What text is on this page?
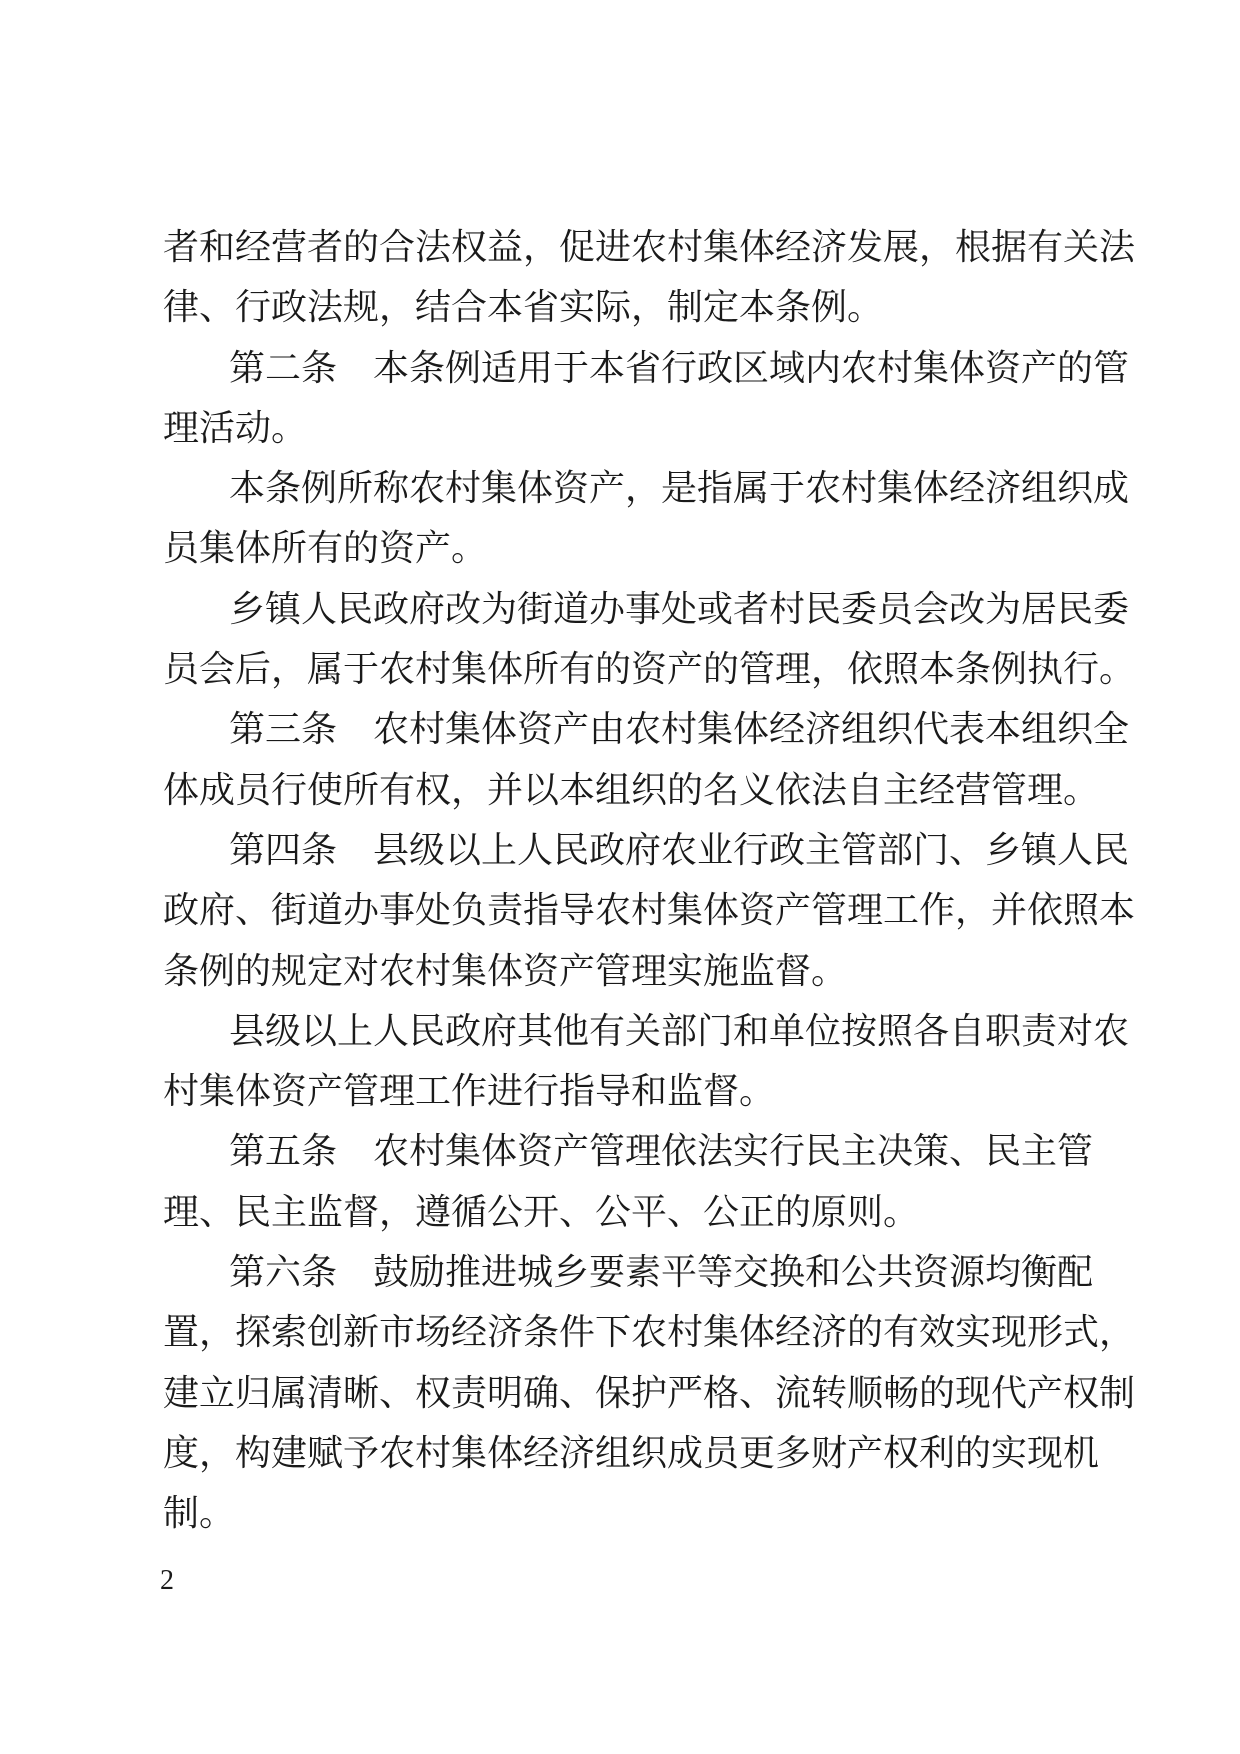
者和经营者的合法权益，促进农村集体经济发展，根据有关法
律、行政法规，结合本省实际，制定本条例。
第二条　本条例适用于本省行政区域内农村集体资产的管
理活动。
本条例所称农村集体资产，是指属于农村集体经济组织成
员集体所有的资产。
乡镇人民政府改为街道办事处或者村民委员会改为居民委
员会后，属于农村集体所有的资产的管理，依照本条例执行。
第三条　农村集体资产由农村集体经济组织代表本组织全
体成员行使所有权，并以本组织的名义依法自主经营管理。
第四条　县级以上人民政府农业行政主管部门、乡镇人民
政府、街道办事处负责指导农村集体资产管理工作，并依照本
条例的规定对农村集体资产管理实施监督。
县级以上人民政府其他有关部门和单位按照各自职责对农
村集体资产管理工作进行指导和监督。
第五条　农村集体资产管理依法实行民主决策、民主管
理、民主监督，遵循公开、公平、公正的原则。
第六条　鼓励推进城乡要素平等交换和公共资源均衡配
置，探索创新市场经济条件下农村集体经济的有效实现形式，
建立归属清晰、权责明确、保护严格、流转顺畅的现代产权制
度，构建赋予农村集体经济组织成员更多财产权利的实现机
制。
2
